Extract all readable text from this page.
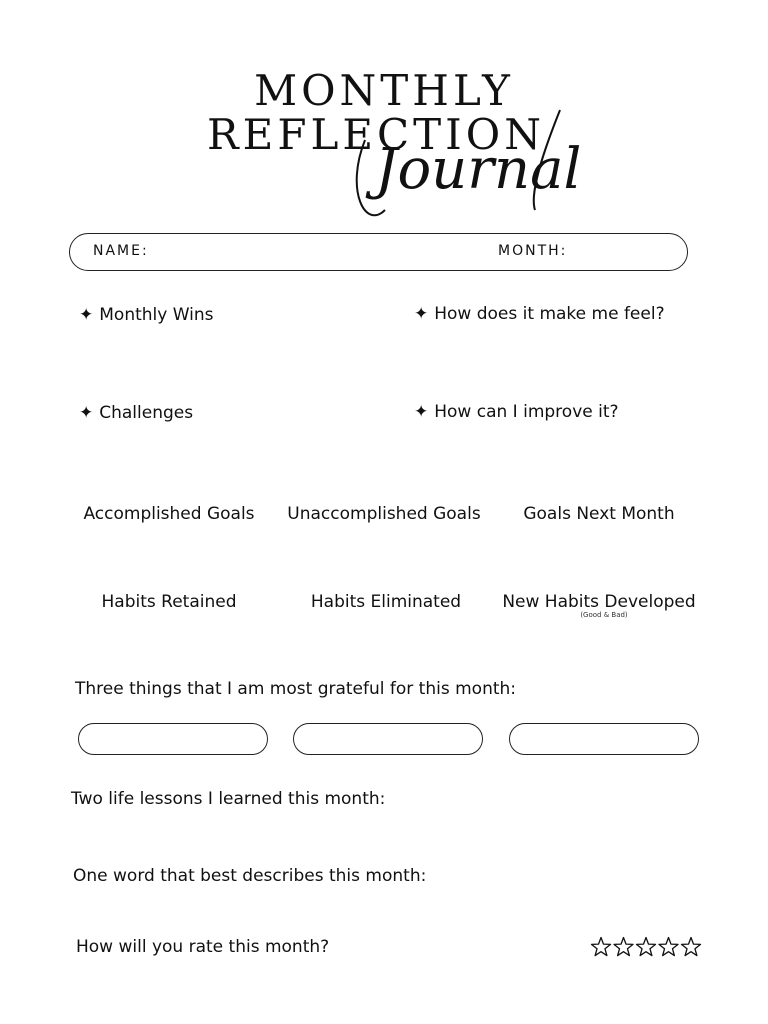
MONTHLY
REFLECTION
Journal
NAME:	MONTH:
✦ Monthly Wins	✦ How does it make me feel?
✦ Challenges	✦ How can I improve it?
Accomplished Goals	Unaccomplished Goals	Goals Next Month
Habits Retained	Habits Eliminated	New Habits Developed
(Good & Bad)
Three things that I am most grateful for this month:
Two life lessons I learned this month:
One word that best describes this month:
How will you rate this month?
